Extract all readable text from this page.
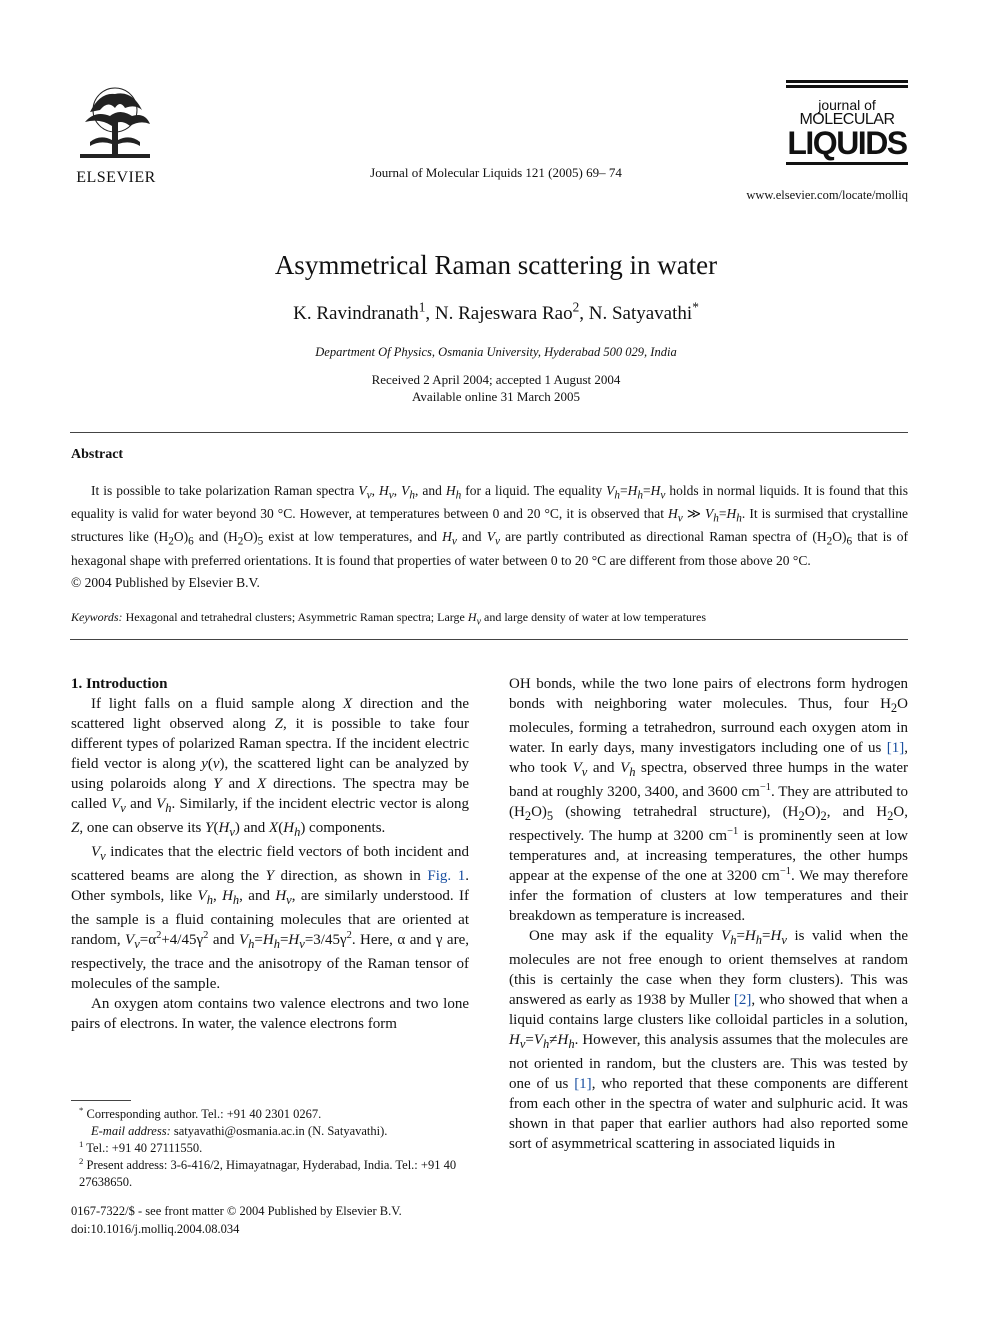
ELSEVIER	Journal of Molecular Liquids 121 (2005) 69– 74
journal of
MOLECULAR
LIQUIDS
www.elsevier.com/locate/molliq
Asymmetrical Raman scattering in water
K. Ravindranath$^1$, N. Rajeswara Rao$^2$, N. Satyavathi*
Department Of Physics, Osmania University, Hyderabad 500 029, India
Received 2 April 2004; accepted 1 August 2004
Available online 31 March 2005
Abstract

It is possible to take polarization Raman spectra $V_v$, $H_v$, $V_h$, and $H_h$ for a liquid. The equality $V_h=H_h=H_v$ holds in normal liquids. It is found that this equality is valid for water beyond 30 °C. However, at temperatures between 0 and 20 °C, it is observed that $H_v$ ≫ $V_h=H_h$. It is surmised that crystalline structures like $(H_2O)_6$ and $(H_2O)_5$ exist at low temperatures, and $H_v$ and $V_v$ are partly contributed as directional Raman spectra of $(H_2O)_6$ that is of hexagonal shape with preferred orientations. It is found that properties of water between 0 to 20 °C are different from those above 20 °C.

© 2004 Published by Elsevier B.V.
Keywords: Hexagonal and tetrahedral clusters; Asymmetric Raman spectra; Large $H_v$ and large density of water at low temperatures

1. Introduction

If light falls on a fluid sample along X direction and the scattered light observed along Z, it is possible to take four different types of polarized Raman spectra. If the incident electric field vector is along y(v), the scattered light can be analyzed by using polaroids along Y and X directions. The spectra may be called $V_v$ and $V_h$. Similarly, if the incident electric vector is along Z, one can observe its $Y(H_v)$ and $X(H_h)$ components.

$V_v$ indicates that the electric field vectors of both incident and scattered beams are along the Y direction, as shown in Fig. 1. Other symbols, like $V_h$, $H_h$, and $H_v$, are similarly understood. If the sample is a fluid containing molecules that are oriented at random, $V_v=\alpha^2+4/45\gamma^2$ and $V_h=H_h=H_v=3/45\gamma^2$. Here, α and γ are, respectively, the trace and the anisotropy of the Raman tensor of molecules of the sample.

An oxygen atom contains two valence electrons and two lone pairs of electrons. In water, the valence electrons form

* Corresponding author. Tel.: +91 40 2301 0267.
E-mail address: satyavathi@osmania.ac.in (N. Satyavathi).
$^1$ Tel.: +91 40 27111550.
$^2$ Present address: 3-6-416/2, Himayatnagar, Hyderabad, India. Tel.: +91 40 27638650.
0167-7322/$ - see front matter © 2004 Published by Elsevier B.V.
doi:10.1016/j.molliq.2004.08.034

OH bonds, while the two lone pairs of electrons form hydrogen bonds with neighboring water molecules. Thus, four $H_2O$ molecules, forming a tetrahedron, surround each oxygen atom in water. In early days, many investigators including one of us [1], who took $V_v$ and $V_h$ spectra, observed three humps in the water band at roughly 3200, 3400, and 3600 $cm^{-1}$. They are attributed to $(H_2O)_5$ (showing tetrahedral structure), $(H_2O)_2$, and $H_2O$, respectively. The hump at 3200 $cm^{-1}$ is prominently seen at low temperatures and, at increasing temperatures, the other humps appear at the expense of the one at 3200 $cm^{-1}$. We may therefore infer the formation of clusters at low temperatures and their breakdown as temperature is increased.

One may ask if the equality $V_h=H_h=H_v$ is valid when the molecules are not free enough to orient themselves at random (this is certainly the case when they form clusters). This was answered as early as 1938 by Muller [2], who showed that when a liquid contains large clusters like colloidal particles in a solution, $H_v=V_h\ne H_h$. However, this analysis assumes that the molecules are not oriented in random, but the clusters are. This was tested by one of us [1], who reported that these components are different from each other in the spectra of water and sulphuric acid. It was shown in that paper that earlier authors had also reported some sort of asymmetrical scattering in associated liquids in
